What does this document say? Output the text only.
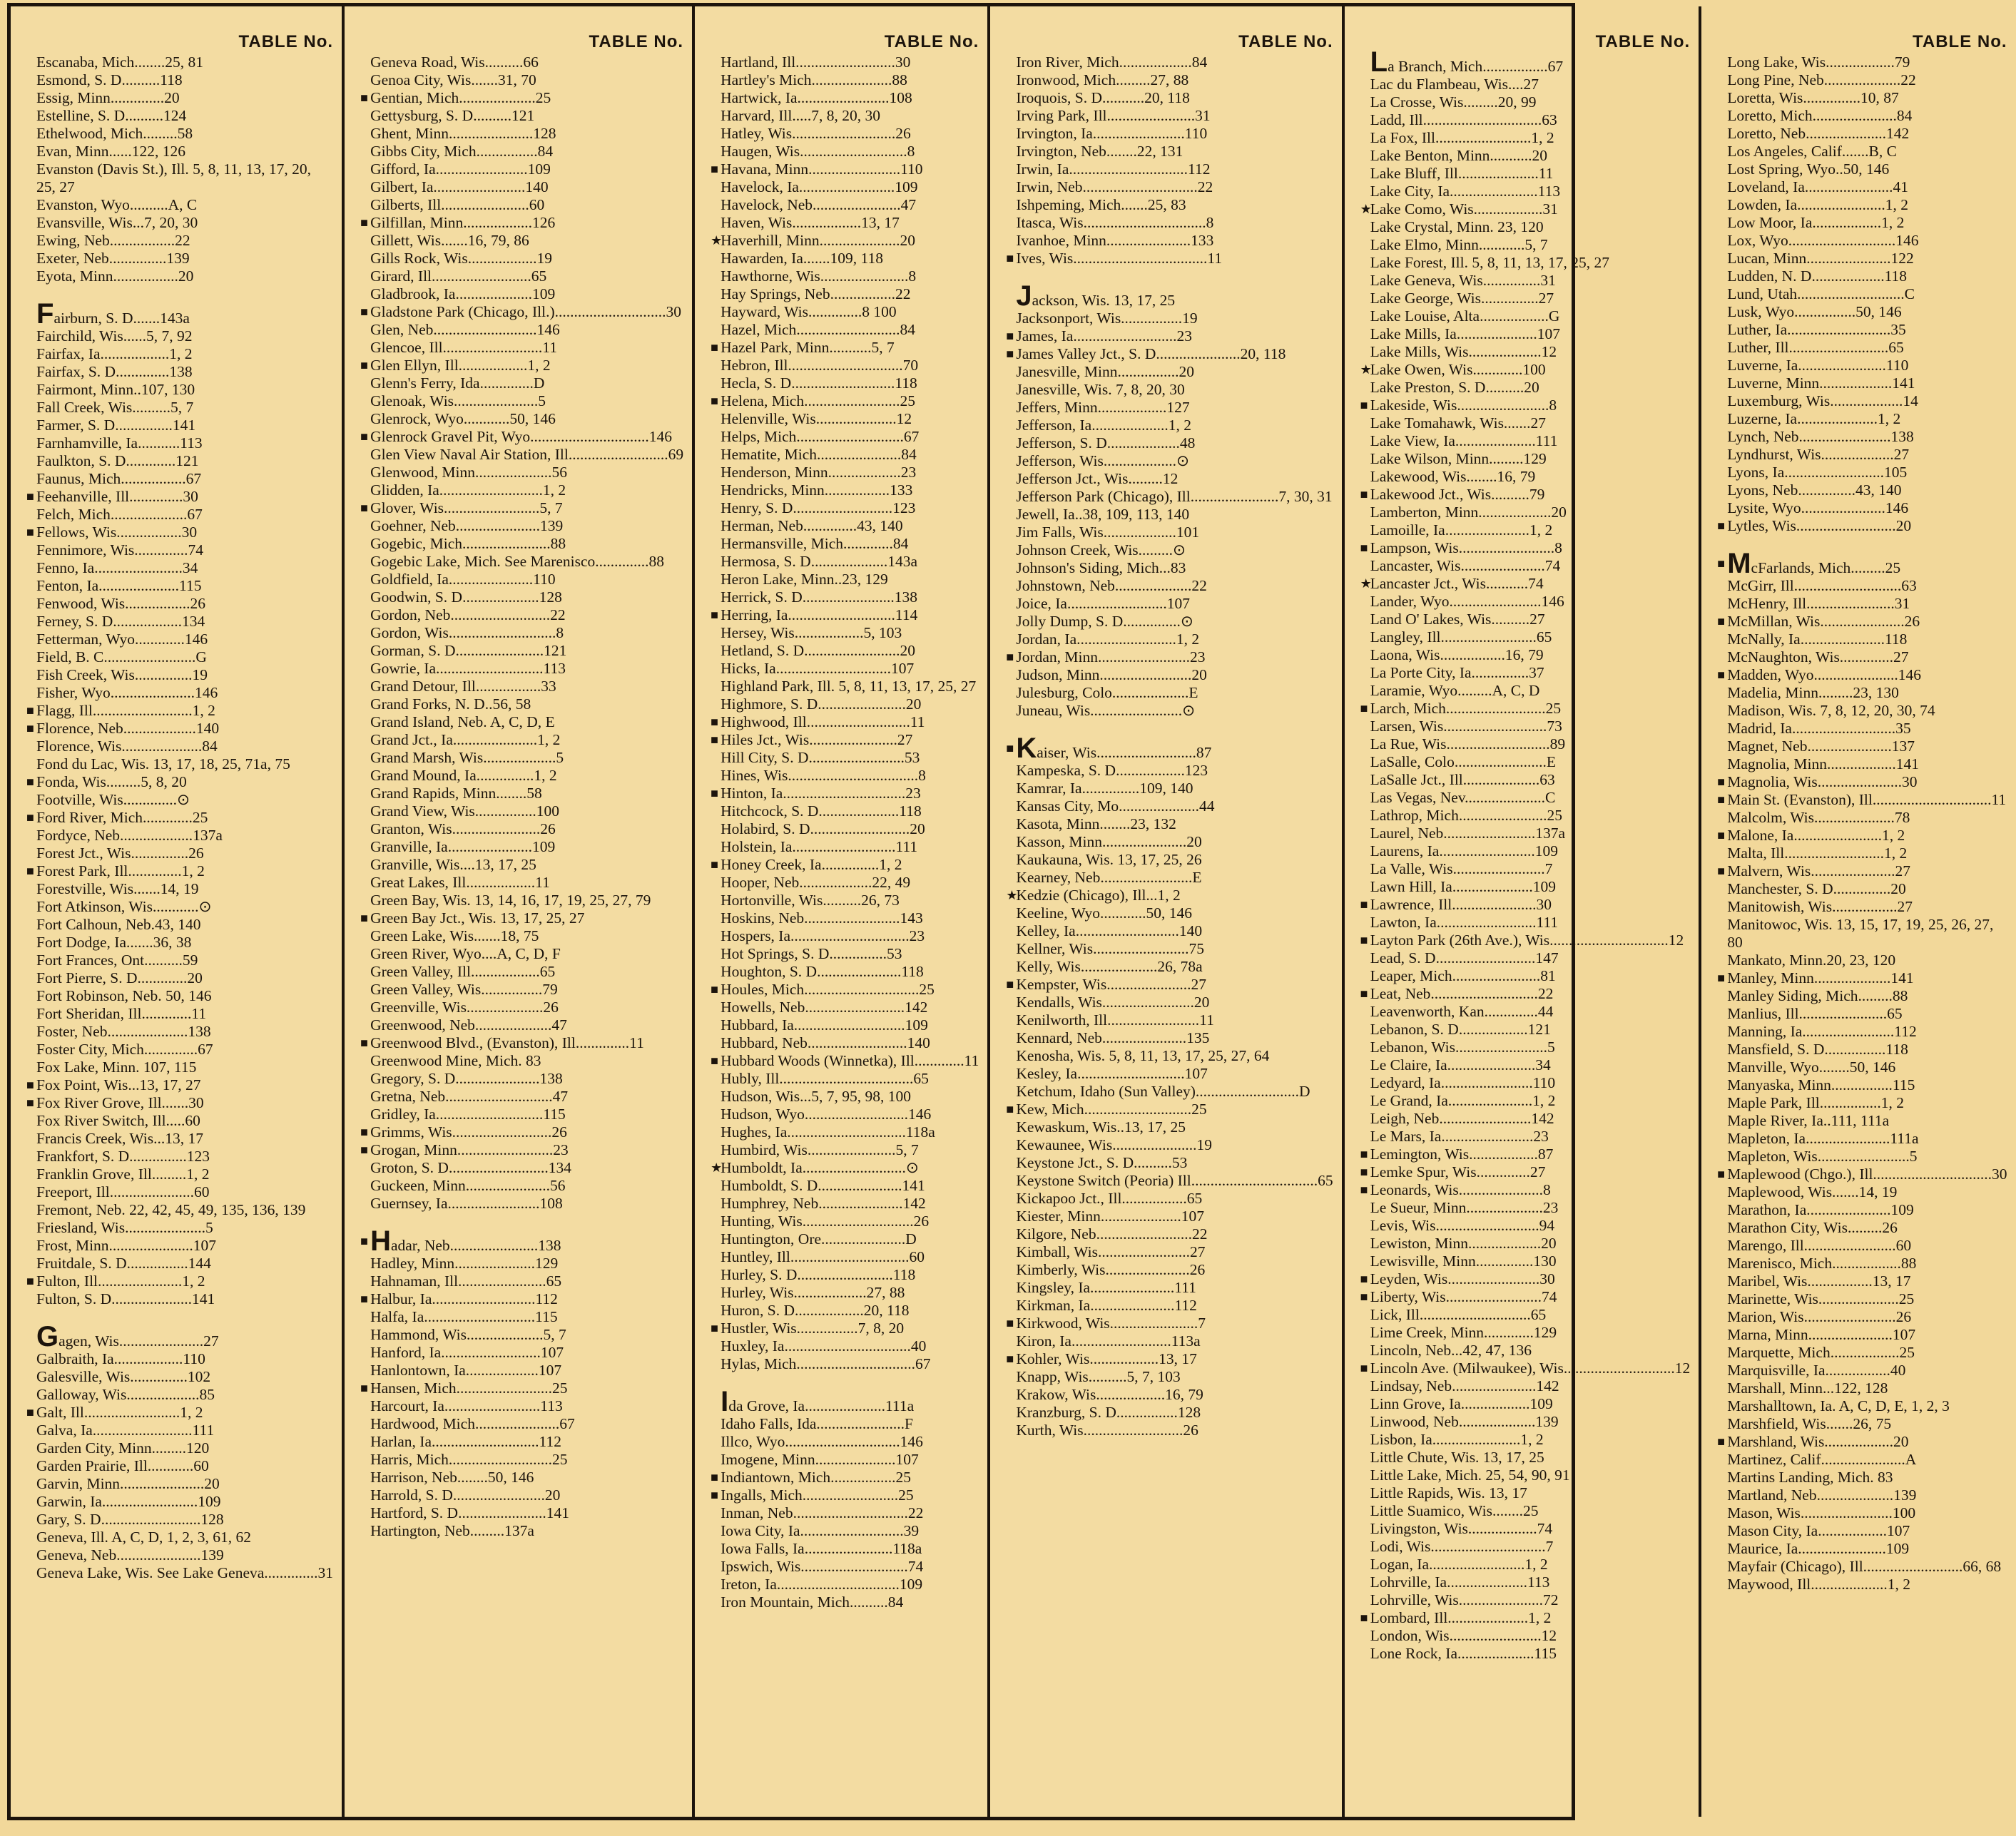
TABLE No.
Escanaba, Mich........25, 81
Esmond, S. D..........118
Essig, Minn..............20
Estelline, S. D..........124
Ethelwood, Mich.........58
Evan, Minn......122, 126
Evanston (Davis St.), Ill. 5, 8, 11, 13, 17, 20, 25, 27
Evanston, Wyo..........A, C
Evansville, Wis...7, 20, 30
Ewing, Neb.................22
Exeter, Neb...............139
Eyota, Minn.................20
Fairburn, S. D.......143a
Fairchild, Wis......5, 7, 92
Fairfax, Ia..................1, 2
Fairfax, S. D..............138
Fairmont, Minn..107, 130
Fall Creek, Wis..........5, 7
Farmer, S. D...............141
Farnhamville, Ia...........113
Faulkton, S. D.............121
Faunus, Mich.................67
■ Feehanville, Ill..............30
Felch, Mich....................67
■ Fellows, Wis.................30
Fennimore, Wis..............74
Fenno, Ia.......................34
Fenton, Ia.....................115
Fenwood, Wis.................26
Ferney, S. D..................134
Fetterman, Wyo.............146
Field, B. C........................G
Fish Creek, Wis...............19
Fisher, Wyo......................146
■ Flagg, Ill..........................1, 2
■ Florence, Neb...................140
Florence, Wis.....................84
Fond du Lac, Wis. 13, 17, 18, 25, 71a, 75
■ Fonda, Wis.........5, 8, 20
Footville, Wis..............⊙
■ Ford River, Mich.............25
Fordyce, Neb...................137a
Forest Jct., Wis...............26
■ Forest Park, Ill..............1, 2
Forestville, Wis.......14, 19
Fort Atkinson, Wis............⊙
Fort Calhoun, Neb.43, 140
Fort Dodge, Ia.......36, 38
Fort Frances, Ont..........59
Fort Pierre, S. D.............20
Fort Robinson, Neb. 50, 146
Fort Sheridan, Ill.............11
Foster, Neb.....................138
Foster City, Mich..............67
Fox Lake, Minn. 107, 115
■ Fox Point, Wis...13, 17, 27
■ Fox River Grove, Ill.......30
Fox River Switch, Ill.....60
Francis Creek, Wis...13, 17
Frankfort, S. D...............123
Franklin Grove, Ill.........1, 2
Freeport, Ill......................60
Fremont, Neb. 22, 42, 45, 49, 135, 136, 139
Friesland, Wis.....................5
Frost, Minn......................107
Fruitdale, S. D................144
■ Fulton, Ill......................1, 2
Fulton, S. D.....................141
Gagen, Wis......................27
Galbraith, Ia..................110
Galesville, Wis...............102
Galloway, Wis...................85
■ Galt, Ill.........................1, 2
Galva, Ia..........................111
Garden City, Minn.........120
Garden Prairie, Ill............60
Garvin, Minn......................20
Garwin, Ia.........................109
Gary, S. D..........................128
Geneva, Ill. A, C, D, 1, 2, 3, 61, 62
Geneva, Neb......................139
Geneva Lake, Wis. See Lake Geneva..............31
TABLE No.
Geneva Road, Wis..........66
Genoa City, Wis.......31, 70
■ Gentian, Mich....................25
Gettysburg, S. D..........121
Ghent, Minn......................128
Gibbs City, Mich................84
Gifford, Ia........................109
Gilbert, Ia........................140
Gilberts, Ill.......................60
■ Gilfillan, Minn..................126
Gillett, Wis.......16, 79, 86
Gills Rock, Wis..................19
Girard, Ill..........................65
Gladbrook, Ia....................109
■ Gladstone Park (Chicago, Ill.).............................30
Glen, Neb...........................146
Glencoe, Ill..........................11
■ Glen Ellyn, Ill..................1, 2
Glenn's Ferry, Ida..............D
Glenoak, Wis......................5
Glenrock, Wyo............50, 146
■ Glenrock Gravel Pit, Wyo...............................146
Glen View Naval Air Station, Ill..........................69
Glenwood, Minn....................56
Glidden, Ia...........................1, 2
■ Glover, Wis.........................5, 7
Goehner, Neb......................139
Gogebic, Mich.......................88
Gogebic Lake, Mich. See Marenisco..............88
Goldfield, Ia......................110
Goodwin, S. D....................128
Gordon, Neb..........................22
Gordon, Wis............................8
Gorman, S. D.......................121
Gowrie, Ia............................113
Grand Detour, Ill.................33
Grand Forks, N. D..56, 58
Grand Island, Neb. A, C, D, E
Grand Jct., Ia......................1, 2
Grand Marsh, Wis...................5
Grand Mound, Ia...............1, 2
Grand Rapids, Minn........58
Grand View, Wis................100
Granton, Wis.......................26
Granville, Ia......................109
Granville, Wis....13, 17, 25
Great Lakes, Ill..................11
Green Bay, Wis. 13, 14, 16, 17, 19, 25, 27, 79
■ Green Bay Jct., Wis. 13, 17, 25, 27
Green Lake, Wis.......18, 75
Green River, Wyo....A, C, D, F
Green Valley, Ill..................65
Green Valley, Wis................79
Greenville, Wis....................26
Greenwood, Neb....................47
■ Greenwood Blvd., (Evanston), Ill..............11
Greenwood Mine, Mich. 83
Gregory, S. D......................138
Gretna, Neb............................47
Gridley, Ia............................115
■ Grimms, Wis..........................26
■ Grogan, Minn.........................23
Groton, S. D..........................134
Guckeen, Minn......................56
Guernsey, Ia........................108
■ Hadar, Neb.......................138
Hadley, Minn.....................129
Hahnaman, Ill.......................65
■ Halbur, Ia...........................112
Halfa, Ia.............................115
Hammond, Wis....................5, 7
Hanford, Ia..........................107
Hanlontown, Ia...................107
■ Hansen, Mich.........................25
Harcourt, Ia.........................113
Hardwood, Mich......................67
Harlan, Ia............................112
Harris, Mich...........................25
Harrison, Neb........50, 146
Harrold, S. D........................20
Hartford, S. D.......................141
Hartington, Neb.........137a
TABLE No.
Hartland, Ill..........................30
Hartley's Mich.....................88
Hartwick, Ia........................108
Harvard, Ill.....7, 8, 20, 30
Hatley, Wis...........................26
Haugen, Wis............................8
■ Havana, Minn........................110
Havelock, Ia.........................109
Havelock, Neb.......................47
Haven, Wis..................13, 17
★
Haverhill, Minn.....................20
Hawarden, Ia.......109, 118
Hawthorne, Wis.......................8
Hay Springs, Neb.................22
Hayward, Wis..............8 100
Hazel, Mich...........................84
■ Hazel Park, Minn...........5, 7
Hebron, Ill..............................70
Hecla, S. D...........................118
■ Helena, Mich.........................25
Helenville, Wis.....................12
Helps, Mich............................67
Hematite, Mich......................84
Henderson, Minn...................23
Hendricks, Minn.................133
Henry, S. D..........................123
Herman, Neb..............43, 140
Hermansville, Mich.............84
Hermosa, S. D....................143a
Heron Lake, Minn..23, 129
Herrick, S. D........................138
■ Herring, Ia............................114
Hersey, Wis..................5, 103
Hetland, S. D.........................20
Hicks, Ia..............................107
Highland Park, Ill. 5, 8, 11, 13, 17, 25, 27
Highmore, S. D.......................20
■ Highwood, Ill...........................11
■ Hiles Jct., Wis.......................27
Hill City, S. D.........................53
Hines, Wis..................................8
■ Hinton, Ia................................23
Hitchcock, S. D.....................118
Holabird, S. D..........................20
Holstein, Ia...........................111
■ Honey Creek, Ia...............1, 2
Hooper, Neb...................22, 49
Hortonville, Wis..........26, 73
Hoskins, Neb.........................143
Hospers, Ia...............................23
Hot Springs, S. D...............53
Houghton, S. D......................118
■ Houles, Mich..............................25
Howells, Neb..........................142
Hubbard, Ia.............................109
Hubbard, Neb..........................140
■ Hubbard Woods (Winnetka), Ill.............11
Hubly, Ill...................................65
Hudson, Wis...5, 7, 95, 98, 100
Hudson, Wyo...........................146
Hughes, Ia...............................118a
Humbird, Wis.......................5, 7
★
Humboldt, Ia...........................⊙
Humboldt, S. D......................141
Humphrey, Neb......................142
Hunting, Wis.............................26
Huntington, Ore......................D
Huntley, Ill...............................60
Hurley, S. D.........................118
Hurley, Wis...................27, 88
Huron, S. D..................20, 118
■ Hustler, Wis................7, 8, 20
Huxley, Ia.................................40
Hylas, Mich...............................67
Ida Grove, Ia.....................111a
Idaho Falls, Ida.......................F
Illco, Wyo..............................146
Imogene, Minn.....................107
■ Indiantown, Mich.................25
■ Ingalls, Mich.........................25
Inman, Neb..............................22
Iowa City, Ia...........................39
Iowa Falls, Ia.......................118a
Ipswich, Wis............................74
Ireton, Ia................................109
Iron Mountain, Mich..........84
TABLE No.
Iron River, Mich...................84
Ironwood, Mich.........27, 88
Iroquois, S. D...........20, 118
Irving Park, Ill.......................31
Irvington, Ia........................110
Irvington, Neb........22, 131
Irwin, Ia...............................112
Irwin, Neb..............................22
Ishpeming, Mich.......25, 83
Itasca, Wis................................8
Ivanhoe, Minn......................133
■ Ives, Wis...................................11
Jackson, Wis. 13, 17, 25
Jacksonport, Wis................19
■ James, Ia...........................23
■ James Valley Jct., S. D......................20, 118
Janesville, Minn................20
Janesville, Wis. 7, 8, 20, 30
Jeffers, Minn..................127
Jefferson, Ia....................1, 2
Jefferson, S. D...................48
Jefferson, Wis...................⊙
Jefferson Jct., Wis.........12
Jefferson Park (Chicago), Ill.......................7, 30, 31
Jewell, Ia..38, 109, 113, 140
Jim Falls, Wis...................101
Johnson Creek, Wis.........⊙
Johnson's Siding, Mich...83
Johnstown, Neb....................22
Joice, Ia..........................107
Jolly Dump, S. D...............⊙
Jordan, Ia..........................1, 2
■ Jordan, Minn........................23
Judson, Minn........................20
Julesburg, Colo....................E
Juneau, Wis........................⊙
■ Kaiser, Wis..........................87
Kampeska, S. D..................123
Kamrar, Ia...............109, 140
Kansas City, Mo.....................44
Kasota, Minn........23, 132
Kasson, Minn......................20
Kaukauna, Wis. 13, 17, 25, 26
Kearney, Neb........................E
★
Kedzie (Chicago), Ill...1, 2
Keeline, Wyo............50, 146
Kelley, Ia...........................140
Kellner, Wis.........................75
Kelly, Wis....................26, 78a
■ Kempster, Wis......................27
Kendalls, Wis........................20
Kenilworth, Ill........................11
Kennard, Neb......................135
Kenosha, Wis. 5, 8, 11, 13, 17, 25, 27, 64
Kesley, Ia............................107
Ketchum, Idaho (Sun Valley)...........................D
■ Kew, Mich............................25
Kewaskum, Wis..13, 17, 25
Kewaunee, Wis......................19
Keystone Jct., S. D..........53
Keystone Switch (Peoria) Ill.................................65
Kickapoo Jct., Ill.................65
Kiester, Minn.....................107
Kilgore, Neb.........................22
Kimball, Wis........................27
Kimberly, Wis......................26
Kingsley, Ia......................111
Kirkman, Ia......................112
■ Kirkwood, Wis.......................7
Kiron, Ia..........................113a
■ Kohler, Wis..................13, 17
Knapp, Wis..........5, 7, 103
Krakow, Wis..................16, 79
Kranzburg, S. D................128
Kurth, Wis..........................26
TABLE No.
La Branch, Mich.................67
Lac du Flambeau, Wis....27
La Crosse, Wis.........20, 99
Ladd, Ill...............................63
La Fox, Ill.........................1, 2
Lake Benton, Minn...........20
Lake Bluff, Ill.....................11
Lake City, Ia.......................113
★
Lake Como, Wis..................31
Lake Crystal, Minn. 23, 120
Lake Elmo, Minn............5, 7
Lake Forest, Ill. 5, 8, 11, 13, 17, 25, 27
Lake Geneva, Wis...............31
Lake George, Wis...............27
Lake Louise, Alta..................G
Lake Mills, Ia.....................107
Lake Mills, Wis...................12
★
Lake Owen, Wis.............100
Lake Preston, S. D..........20
■ Lakeside, Wis........................8
Lake Tomahawk, Wis.......27
Lake View, Ia.....................111
Lake Wilson, Minn.........129
Lakewood, Wis........16, 79
■ Lakewood Jct., Wis..........79
Lamberton, Minn...................20
Lamoille, Ia......................1, 2
■ Lampson, Wis.........................8
Lancaster, Wis......................74
★
Lancaster Jct., Wis...........74
Lander, Wyo........................146
Land O' Lakes, Wis..........27
Langley, Ill.........................65
Laona, Wis.................16, 79
La Porte City, Ia...............37
Laramie, Wyo.........A, C, D
■ Larch, Mich..........................25
Larsen, Wis...........................73
La Rue, Wis...........................89
LaSalle, Colo........................E
LaSalle Jct., Ill....................63
Las Vegas, Nev.....................C
Lathrop, Mich.......................25
Laurel, Neb........................137a
Laurens, Ia.........................109
La Valle, Wis........................7
Lawn Hill, Ia.....................109
■ Lawrence, Ill......................30
Lawton, Ia..........................111
■ Layton Park (26th Ave.), Wis...............................12
Lead, S. D..........................147
Leaper, Mich.......................81
■ Leat, Neb............................22
Leavenworth, Kan..............44
Lebanon, S. D..................121
Lebanon, Wis........................5
Le Claire, Ia.......................34
Ledyard, Ia........................110
Le Grand, Ia......................1, 2
Leigh, Neb........................142
Le Mars, Ia........................23
■ Lemington, Wis..................87
■ Lemke Spur, Wis..............27
■ Leonards, Wis......................8
Le Sueur, Minn....................23
Levis, Wis...........................94
Lewiston, Minn...................20
Lewisville, Minn...............130
■ Leyden, Wis........................30
■ Liberty, Wis.........................74
Lick, Ill.............................65
Lime Creek, Minn.............129
Lincoln, Neb...42, 47, 136
■ Lincoln Ave. (Milwaukee), Wis.............................12
Lindsay, Neb......................142
Linn Grove, Ia..................109
Linwood, Neb....................139
Lisbon, Ia.......................1, 2
Little Chute, Wis. 13, 17, 25
Little Lake, Mich. 25, 54, 90, 91
Little Rapids, Wis. 13, 17
Little Suamico, Wis........25
Livingston, Wis..................74
Lodi, Wis..............................7
Logan, Ia.........................1, 2
Lohrville, Ia.....................113
Lohrville, Wis......................72
■ Lombard, Ill.....................1, 2
London, Wis........................12
Lone Rock, Ia....................115
TABLE No.
Long Lake, Wis..................79
Long Pine, Neb....................22
Loretta, Wis...............10, 87
Loretto, Mich......................84
Loretto, Neb.....................142
Los Angeles, Calif.......B, C
Lost Spring, Wyo..50, 146
Loveland, Ia.......................41
Lowden, Ia.......................1, 2
Low Moor, Ia..................1, 2
Lox, Wyo............................146
Lucan, Minn......................122
Ludden, N. D...................118
Lund, Utah............................C
Lusk, Wyo................50, 146
Luther, Ia...........................35
Luther, Ill..........................65
Luverne, Ia.......................110
Luverne, Minn...................141
Luxemburg, Wis...................14
Luzerne, Ia.....................1, 2
Lynch, Neb........................138
Lyndhurst, Wis...................27
Lyons, Ia..........................105
Lyons, Neb...............43, 140
Lysite, Wyo......................146
■ Lytles, Wis..........................20
■ McFarlands, Mich.........25
McGirr, Ill............................63
McHenry, Ill.......................31
■ McMillan, Wis......................26
McNally, Ia......................118
McNaughton, Wis..............27
■ Madden, Wyo......................146
Madelia, Minn.........23, 130
Madison, Wis. 7, 8, 12, 20, 30, 74
Madrid, Ia...........................35
Magnet, Neb......................137
Magnolia, Minn..................141
■ Magnolia, Wis......................30
■ Main St. (Evanston), Ill...............................11
Malcolm, Wis.....................78
■ Malone, Ia.......................1, 2
Malta, Ill..........................1, 2
■ Malvern, Wis......................27
Manchester, S. D...............20
Manitowish, Wis.................27
Manitowoc, Wis. 13, 15, 17, 19, 25, 26, 27, 80
Mankato, Minn.20, 23, 120
■ Manley, Minn....................141
Manley Siding, Mich.........88
Manlius, Ill.......................65
Manning, Ia........................112
Mansfield, S. D................118
Manville, Wyo........50, 146
Manyaska, Minn................115
Maple Park, Ill................1, 2
Maple River, Ia..111, 111a
Mapleton, Ia......................111a
Mapleton, Wis........................5
■ Maplewood (Chgo.), Ill...............................30
Maplewood, Wis.......14, 19
Marathon, Ia......................109
Marathon City, Wis.........26
Marengo, Ill........................60
Marenisco, Mich..................88
Maribel, Wis.................13, 17
Marinette, Wis.....................25
Marion, Wis........................26
Marna, Minn......................107
Marquette, Mich..................25
Marquisville, Ia.................40
Marshall, Minn...122, 128
Marshalltown, Ia. A, C, D, E, 1, 2, 3
Marshfield, Wis.......26, 75
■ Marshland, Wis..................20
Martinez, Calif......................A
Martins Landing, Mich. 83
Martland, Neb....................139
Mason, Wis........................100
Mason City, Ia..................107
Maurice, Ia.......................109
Mayfair (Chicago), Ill..........................66, 68
Maywood, Ill....................1, 2
